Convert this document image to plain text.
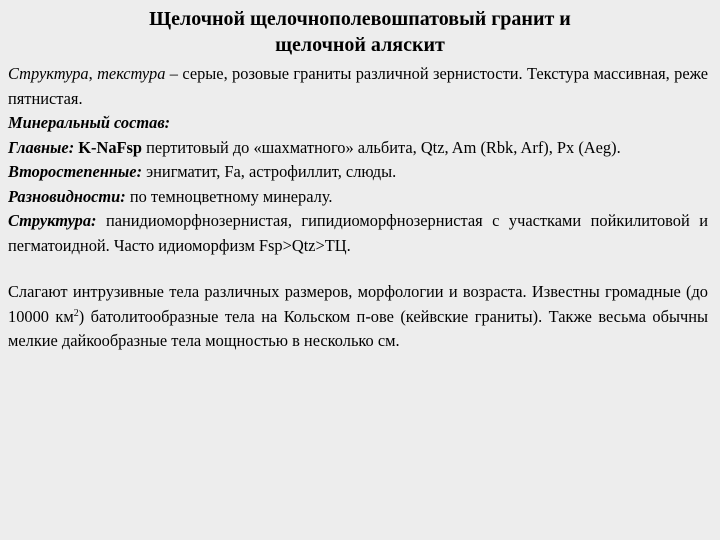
Щелочной щелочнополевошпатовый гранит и
щелочной аляскит

Структура, текстура – серые, розовые граниты различной зернистости. Текстура массивная, реже пятнистая.

Минеральный состав:

Главные: K-NaFsp пертитовый до «шахматного» альбита, Qtz, Am (Rbk, Arf), Px (Aeg).

Второстепенные: энигматит, Fa, астрофиллит, слюды.

Разновидности: по темноцветному минералу.

Структура: панидиоморфнозернистая, гипидиоморфнозернистая с участками пойкилитовой и пегматоидной. Часто идиоморфизм Fsp>Qtz>TЦ.

Слагают интрузивные тела различных размеров, морфологии и возраста. Известны громадные (до 10000 $км^2$) батолитообразные тела на Кольском п-ове (кейвские граниты). Также весьма обычны мелкие дайкообразные тела мощностью в несколько см.
